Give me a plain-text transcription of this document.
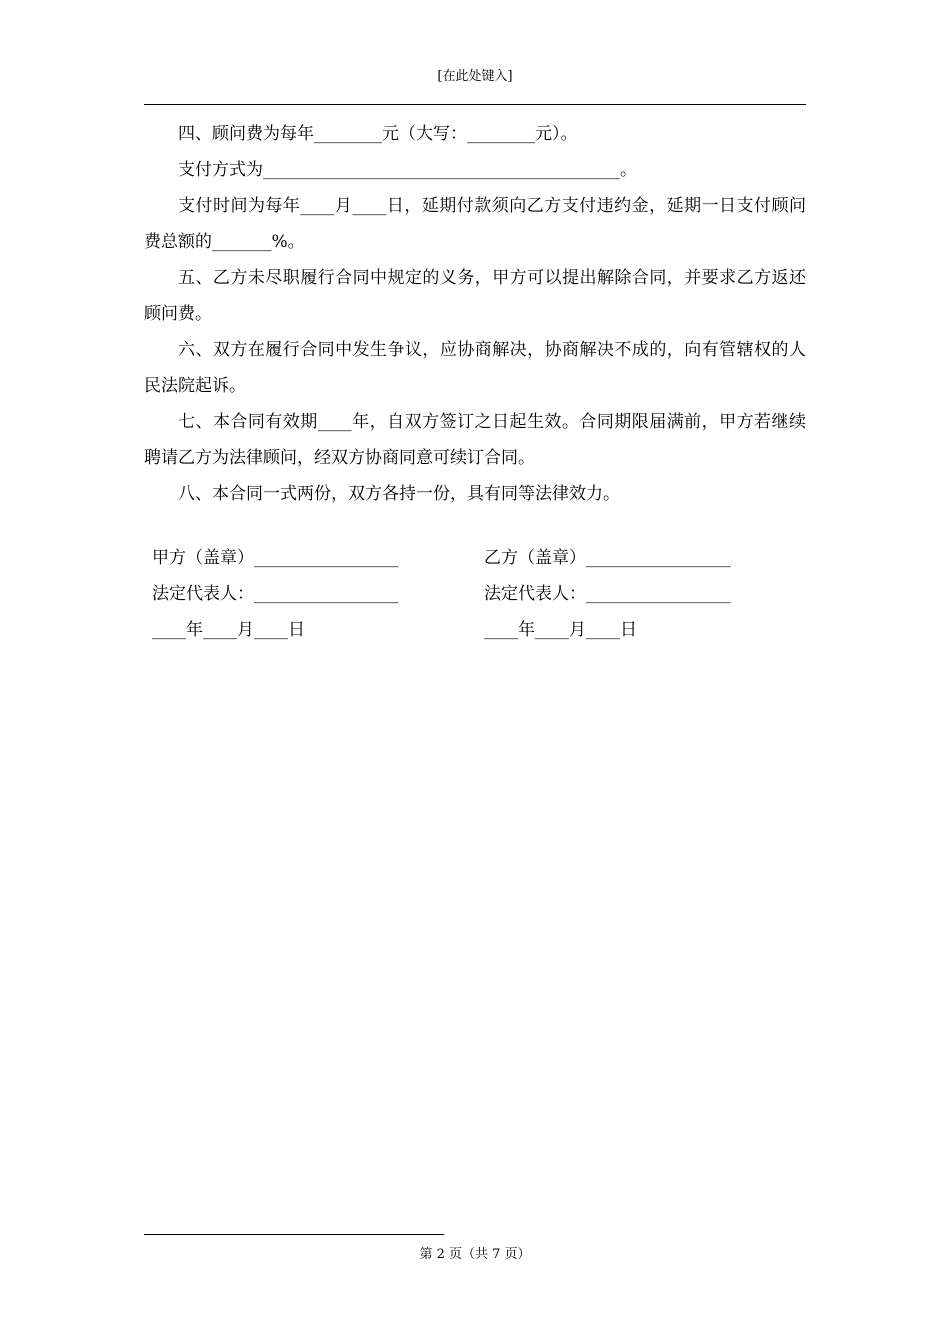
[在此处键入]

四、顾问费为每年________元（大写：________元）。

支付方式为__________________________________________。

支付时间为每年____月____日，延期付款须向乙方支付违约金，延期一日支付顾问费总额的_______%。

五、乙方未尽职履行合同中规定的义务，甲方可以提出解除合同，并要求乙方返还顾问费。

六、双方在履行合同中发生争议，应协商解决，协商解决不成的，向有管辖权的人民法院起诉。

七、本合同有效期____年，自双方签订之日起生效。合同期限届满前，甲方若继续聘请乙方为法律顾问，经双方协商同意可续订合同。

八、本合同一式两份，双方各持一份，具有同等法律效力。

甲方（盖章）_________________	乙方（盖章）_________________
法定代表人：_________________	法定代表人：_________________
____年____月____日	____年____月____日
第 2 页（共 7 页）
